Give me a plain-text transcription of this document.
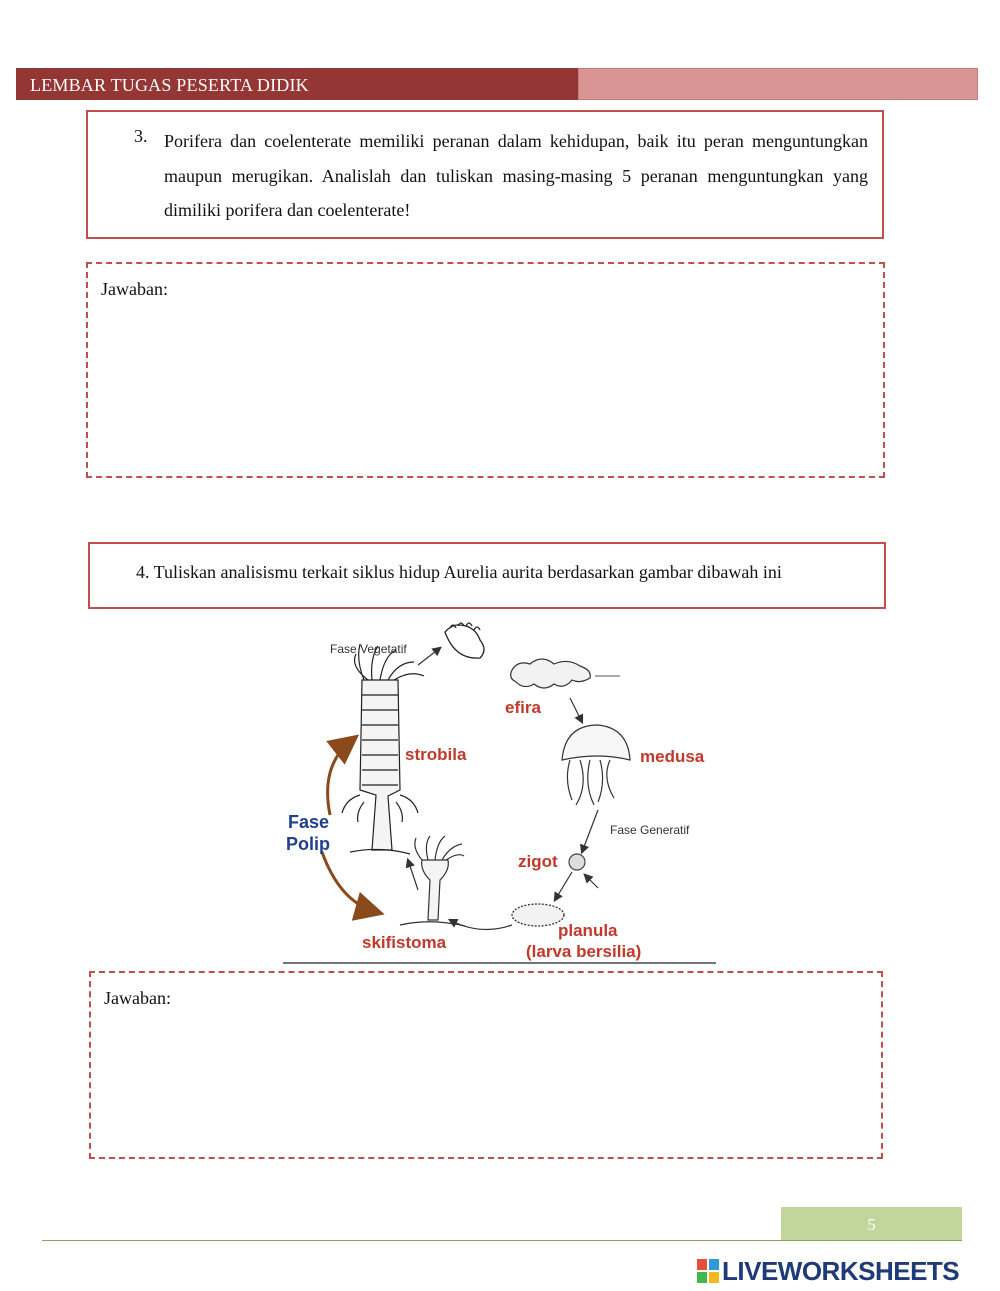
LEMBAR TUGAS PESERTA DIDIK
3. Porifera dan coelenterate memiliki peranan dalam kehidupan, baik itu peran menguntungkan maupun merugikan. Analislah dan tuliskan masing-masing 5 peranan menguntungkan yang dimiliki porifera dan coelenterate!
Jawaban:
4. Tuliskan analisismu terkait siklus hidup Aurelia aurita berdasarkan gambar dibawah ini
Fase Vegetatif
efira
medusa
Fase Generatif
zigot
planula
(larva bersilia)
skifistoma
strobila
Fase
Polip
Jawaban:
5
LIVEWORKSHEETS
